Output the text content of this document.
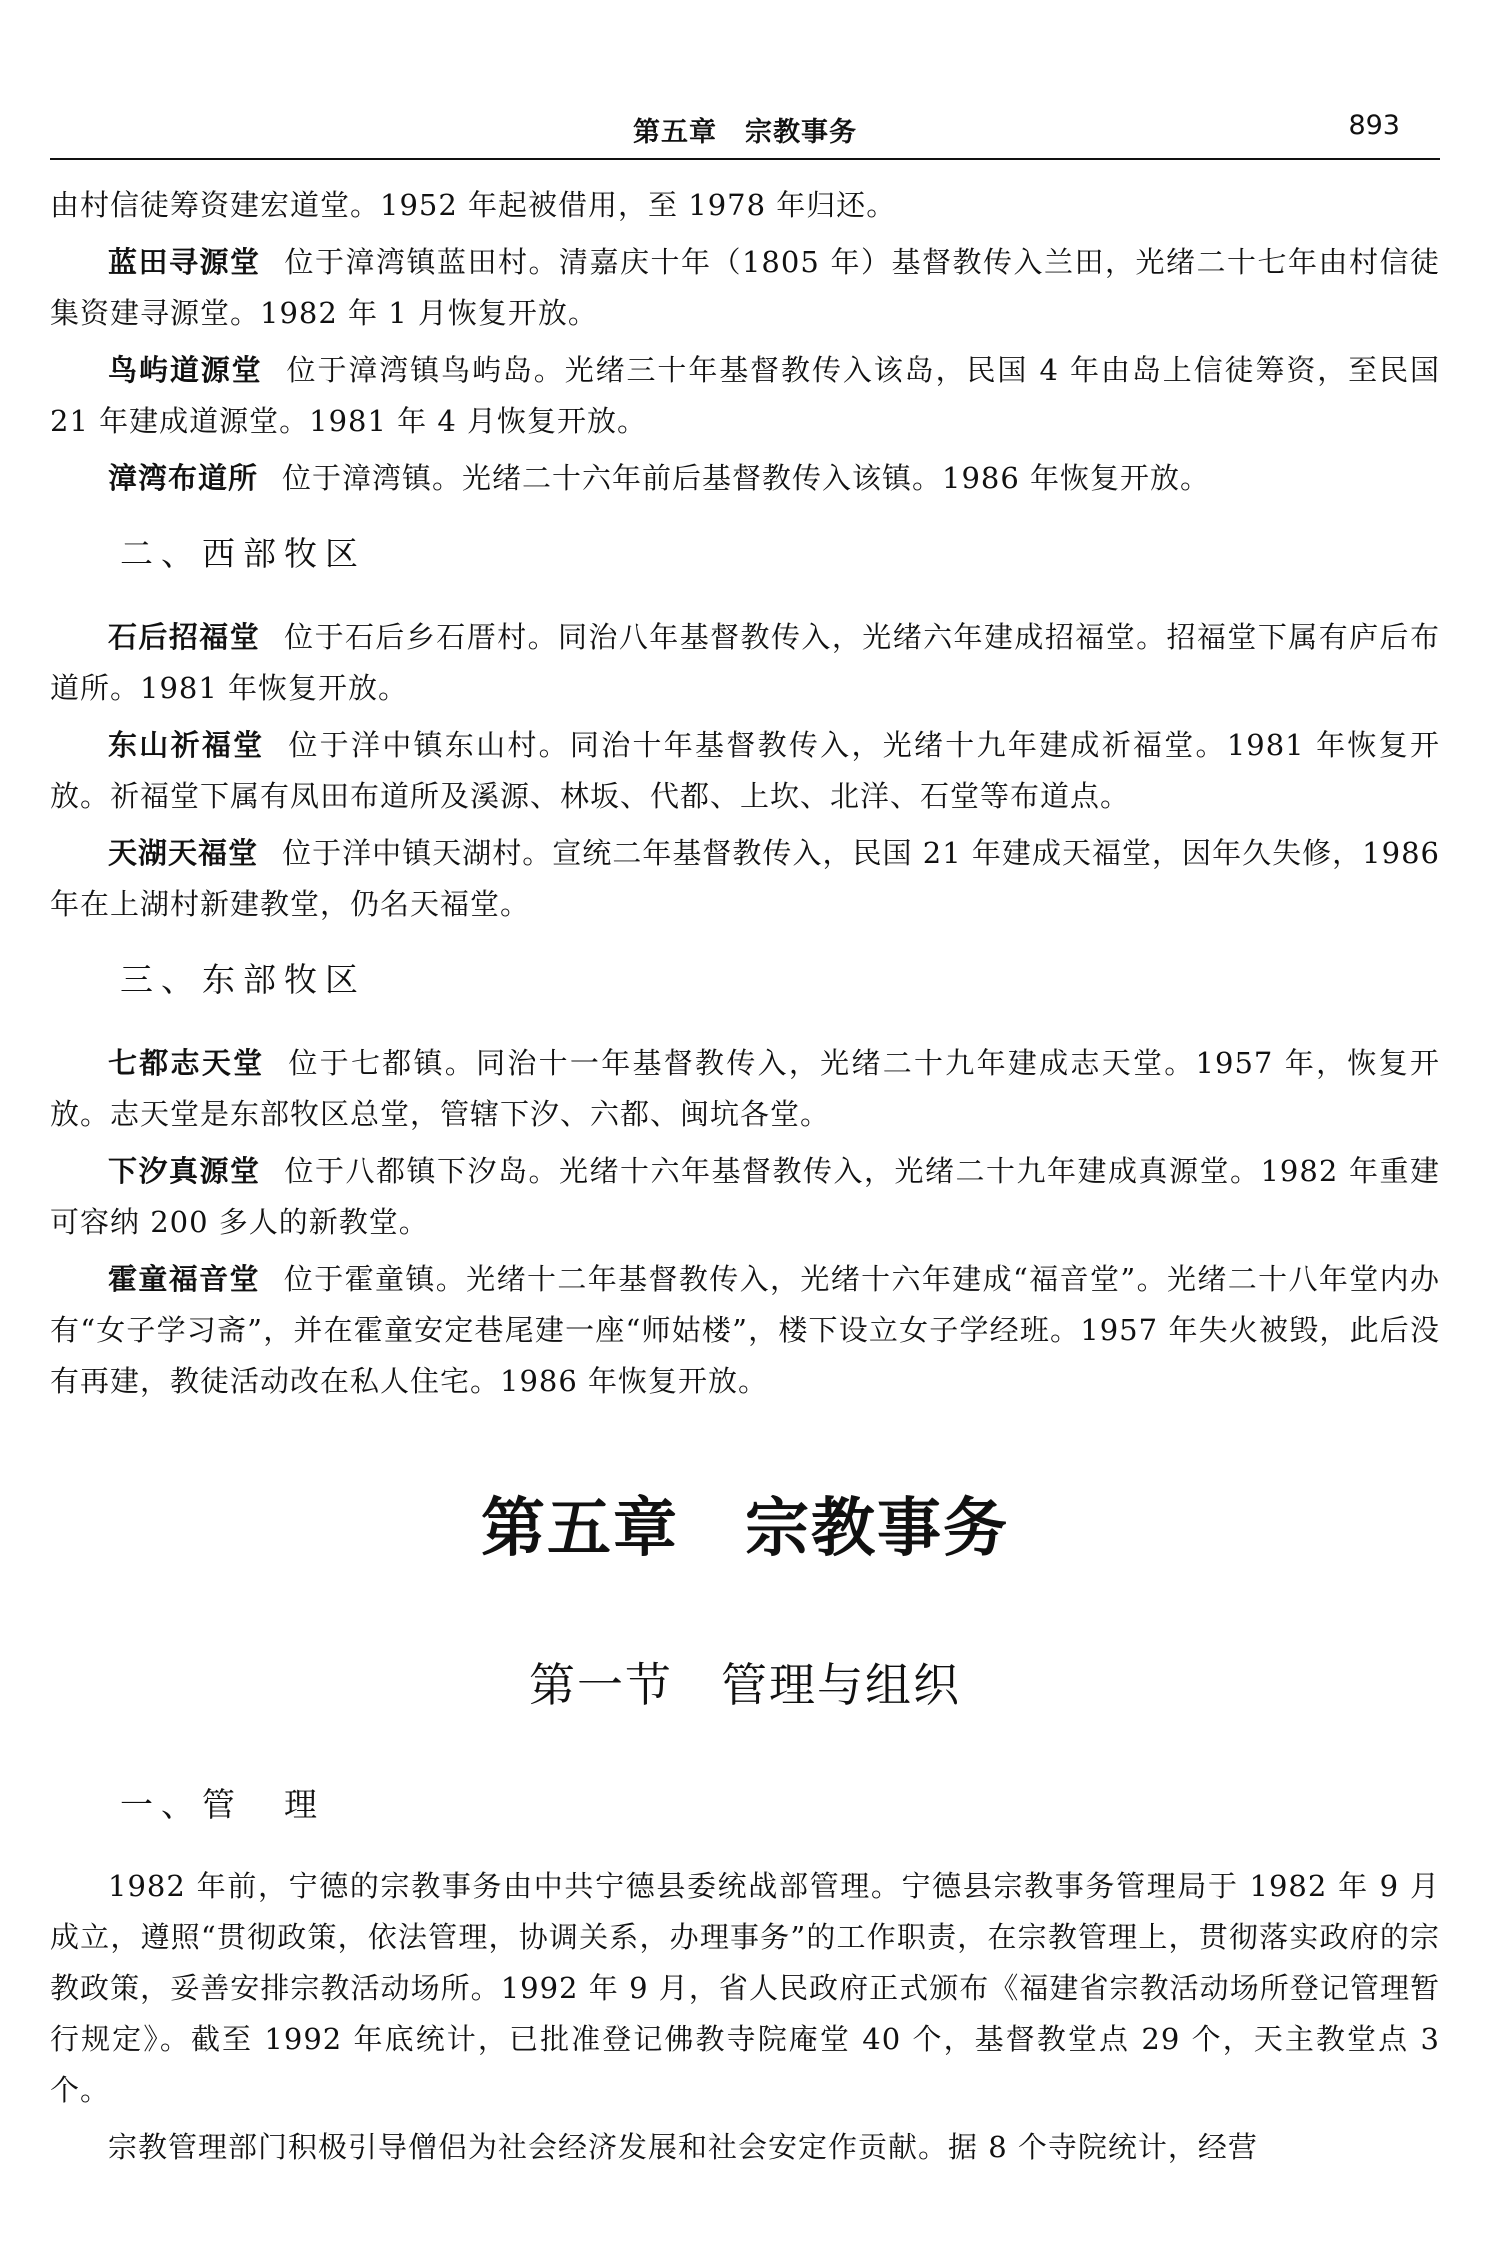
第五章　宗教事务	893

由村信徒筹资建宏道堂。1952 年起被借用，至 1978 年归还。

蓝田寻源堂 位于漳湾镇蓝田村。清嘉庆十年（1805 年）基督教传入兰田，光绪二十七年由村信徒集资建寻源堂。1982 年 1 月恢复开放。

鸟屿道源堂 位于漳湾镇鸟屿岛。光绪三十年基督教传入该岛，民国 4 年由岛上信徒筹资，至民国 21 年建成道源堂。1981 年 4 月恢复开放。

漳湾布道所 位于漳湾镇。光绪二十六年前后基督教传入该镇。1986 年恢复开放。

二、西部牧区

石后招福堂 位于石后乡石厝村。同治八年基督教传入，光绪六年建成招福堂。招福堂下属有庐后布道所。1981 年恢复开放。

东山祈福堂 位于洋中镇东山村。同治十年基督教传入，光绪十九年建成祈福堂。1981 年恢复开放。祈福堂下属有凤田布道所及溪源、林坂、代都、上坎、北洋、石堂等布道点。

天湖天福堂 位于洋中镇天湖村。宣统二年基督教传入，民国 21 年建成天福堂，因年久失修，1986 年在上湖村新建教堂，仍名天福堂。

三、东部牧区

七都志天堂 位于七都镇。同治十一年基督教传入，光绪二十九年建成志天堂。1957 年，恢复开放。志天堂是东部牧区总堂，管辖下汐、六都、闽坑各堂。

下汐真源堂 位于八都镇下汐岛。光绪十六年基督教传入，光绪二十九年建成真源堂。1982 年重建可容纳 200 多人的新教堂。

霍童福音堂 位于霍童镇。光绪十二年基督教传入，光绪十六年建成“福音堂”。光绪二十八年堂内办有“女子学习斋”，并在霍童安定巷尾建一座“师姑楼”，楼下设立女子学经班。1957 年失火被毁，此后没有再建，教徒活动改在私人住宅。1986 年恢复开放。

第五章　宗教事务
第一节　管理与组织
一、管　理

1982 年前，宁德的宗教事务由中共宁德县委统战部管理。宁德县宗教事务管理局于 1982 年 9 月成立，遵照“贯彻政策，依法管理，协调关系，办理事务”的工作职责，在宗教管理上，贯彻落实政府的宗教政策，妥善安排宗教活动场所。1992 年 9 月，省人民政府正式颁布《福建省宗教活动场所登记管理暂行规定》。截至 1992 年底统计，已批准登记佛教寺院庵堂 40 个，基督教堂点 29 个，天主教堂点 3 个。

宗教管理部门积极引导僧侣为社会经济发展和社会安定作贡献。据 8 个寺院统计，经营
